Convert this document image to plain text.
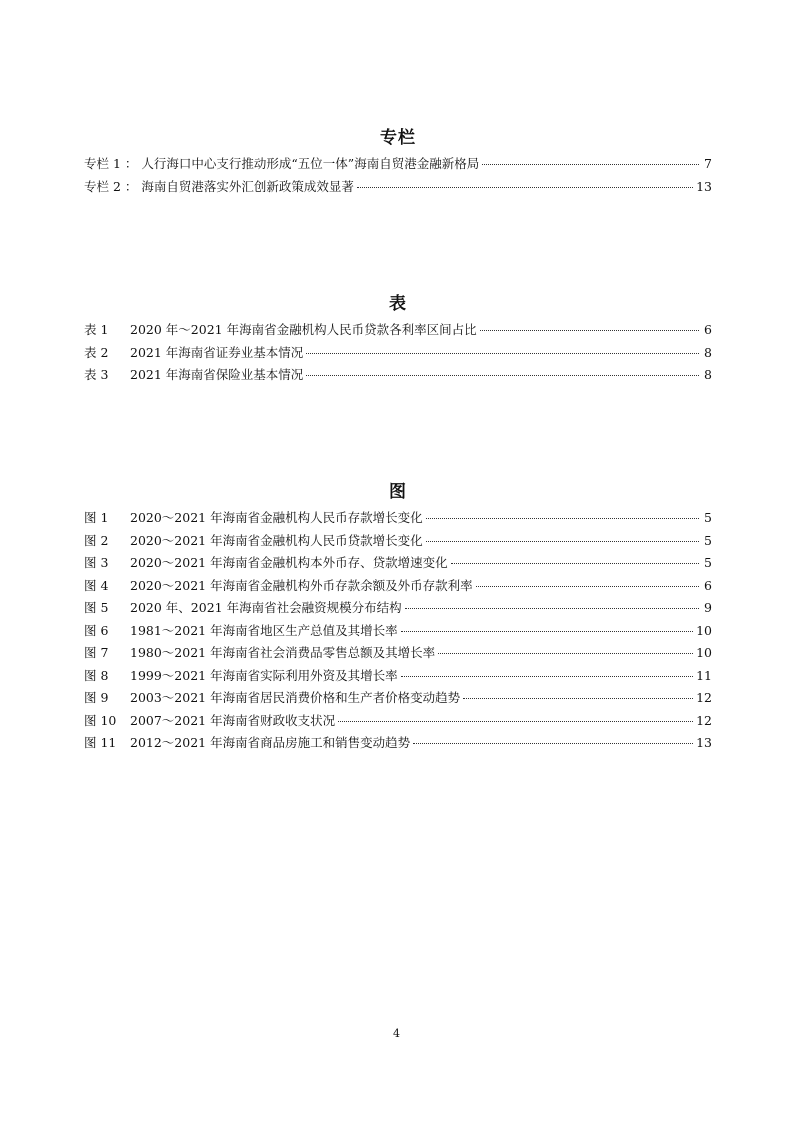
专栏
专栏 1 ： 人行海口中心支行推动形成“五位一体”海南自贸港金融新格局	7
专栏 2 ： 海南自贸港落实外汇创新政策成效显著	13
表
表 1	2020 年～2021 年海南省金融机构人民币贷款各利率区间占比	6
表 2	2021 年海南省证券业基本情况	8
表 3	2021 年海南省保险业基本情况	8
图
图 1	2020～2021 年海南省金融机构人民币存款增长变化	5
图 2	2020～2021 年海南省金融机构人民币贷款增长变化	5
图 3	2020～2021 年海南省金融机构本外币存、贷款增速变化	5
图 4	2020～2021 年海南省金融机构外币存款余额及外币存款利率	6
图 5	2020 年、2021 年海南省社会融资规模分布结构	9
图 6	1981～2021 年海南省地区生产总值及其增长率	10
图 7	1980～2021 年海南省社会消费品零售总额及其增长率	10
图 8	1999～2021 年海南省实际利用外资及其增长率	11
图 9	2003～2021 年海南省居民消费价格和生产者价格变动趋势	12
图 10	2007～2021 年海南省财政收支状况	12
图 11	2012～2021 年海南省商品房施工和销售变动趋势	13
4
